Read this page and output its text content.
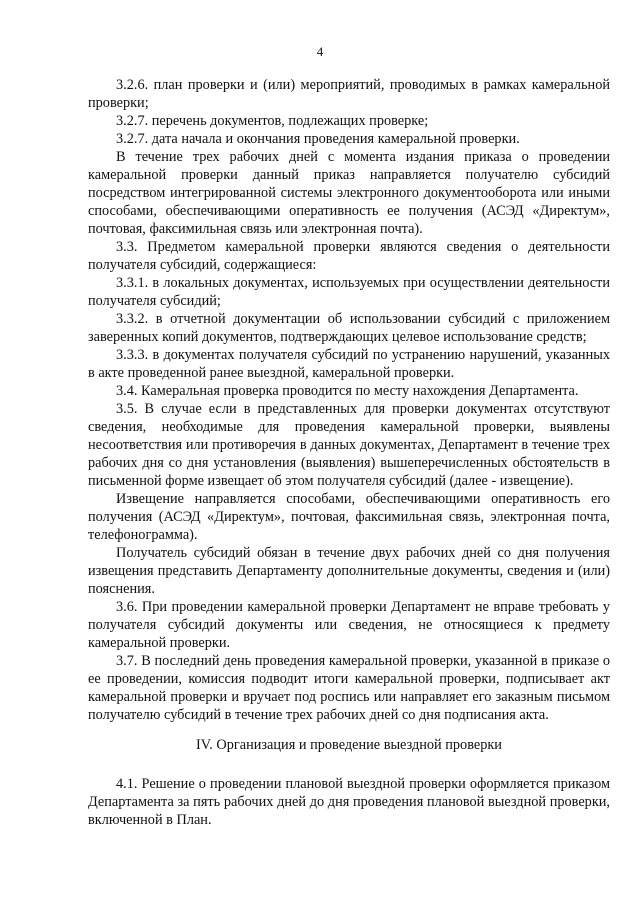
4

3.2.6. план проверки и (или) мероприятий, проводимых в рамках камеральной проверки;

3.2.7. перечень документов, подлежащих проверке;

3.2.7. дата начала и окончания проведения камеральной проверки.

В течение трех рабочих дней с момента издания приказа о проведении камеральной проверки данный приказ направляется получателю субсидий посредством интегрированной системы электронного документооборота или иными способами, обеспечивающими оперативность ее получения (АСЭД «Директум», почтовая, факсимильная связь или электронная почта).

3.3. Предметом камеральной проверки являются сведения о деятельности получателя субсидий, содержащиеся:

3.3.1. в локальных документах, используемых при осуществлении деятельности получателя субсидий;

3.3.2. в отчетной документации об использовании субсидий с приложением заверенных копий документов, подтверждающих целевое использование средств;

3.3.3. в документах получателя субсидий по устранению нарушений, указанных в акте проведенной ранее выездной, камеральной проверки.

3.4. Камеральная проверка проводится по месту нахождения Департамента.

3.5. В случае если в представленных для проверки документах отсутствуют сведения, необходимые для проведения камеральной проверки, выявлены несоответствия или противоречия в данных документах, Департамент в течение трех рабочих дня со дня установления (выявления) вышеперечисленных обстоятельств в письменной форме извещает об этом получателя субсидий (далее - извещение).

Извещение направляется способами, обеспечивающими оперативность его получения (АСЭД «Директум», почтовая, факсимильная связь, электронная почта, телефонограмма).

Получатель субсидий обязан в течение двух рабочих дней со дня получения извещения представить Департаменту дополнительные документы, сведения и (или) пояснения.

3.6. При проведении камеральной проверки Департамент не вправе требовать у получателя субсидий документы или сведения, не относящиеся к предмету камеральной проверки.

3.7. В последний день проведения камеральной проверки, указанной в приказе о ее проведении, комиссия подводит итоги камеральной проверки, подписывает акт камеральной проверки и вручает под роспись или направляет его заказным письмом получателю субсидий в течение трех рабочих дней со дня подписания акта.

IV. Организация и проведение выездной проверки

4.1. Решение о проведении плановой выездной проверки оформляется приказом Департамента за пять рабочих дней до дня проведения плановой выездной проверки, включенной в План.
